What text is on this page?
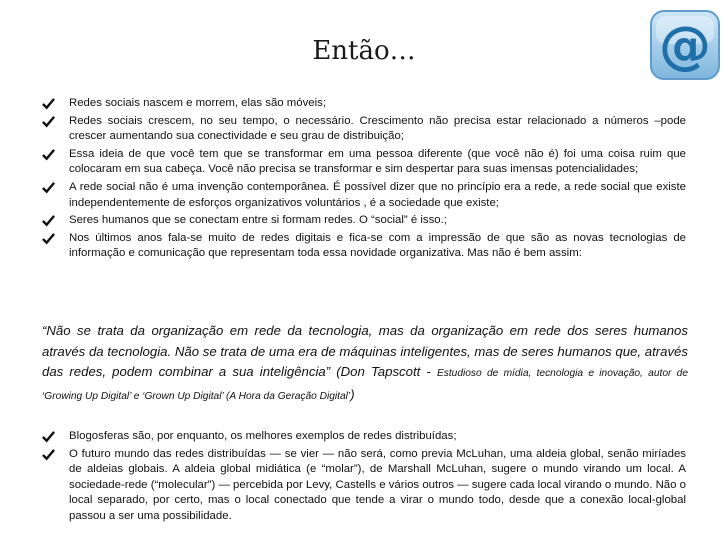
Então…	@
Redes sociais nascem e morrem, elas são móveis;
Redes sociais crescem, no seu tempo, o necessário. Crescimento não precisa estar relacionado a números –pode crescer aumentando sua conectividade e seu grau de distribuição;
Essa ideia de que você tem que se transformar em uma pessoa diferente (que você não é) foi uma coisa ruim que colocaram em sua cabeça. Você não precisa se transformar e sim despertar para suas imensas potencialidades;
A rede social não é uma invenção contemporânea. É possível dizer que no princípio era a rede, a rede social que existe independentemente de esforços organizativos voluntários , é a sociedade que existe;
Seres humanos que se conectam entre si formam redes. O “social” é isso.;
Nos últimos anos fala-se muito de redes digitais e fica-se com a impressão de que são as novas tecnologias de informação e comunicação que representam toda essa novidade organizativa. Mas não é bem assim:
“Não se trata da organização em rede da tecnologia, mas da organização em rede dos seres humanos através da tecnologia. Não se trata de uma era de máquinas inteligentes, mas de seres humanos que, através das redes, podem combinar a sua inteligência” (Don Tapscott - Estudioso de mídia, tecnologia e inovação, autor de ‘Growing Up Digital’ e ‘Grown Up Digital’ (A Hora da Geração Digital’)
Blogosferas são, por enquanto, os melhores exemplos de redes distribuídas;
O futuro mundo das redes distribuídas — se vier — não será, como previa McLuhan, uma aldeia global, senão miríades de aldeias globais. A aldeia global midiática (e “molar”), de Marshall McLuhan, sugere o mundo virando um local. A sociedade-rede (“molecular”) — percebida por Levy, Castells e vários outros — sugere cada local virando o mundo. Não o local separado, por certo, mas o local conectado que tende a virar o mundo todo, desde que a conexão local-global passou a ser uma possibilidade.
